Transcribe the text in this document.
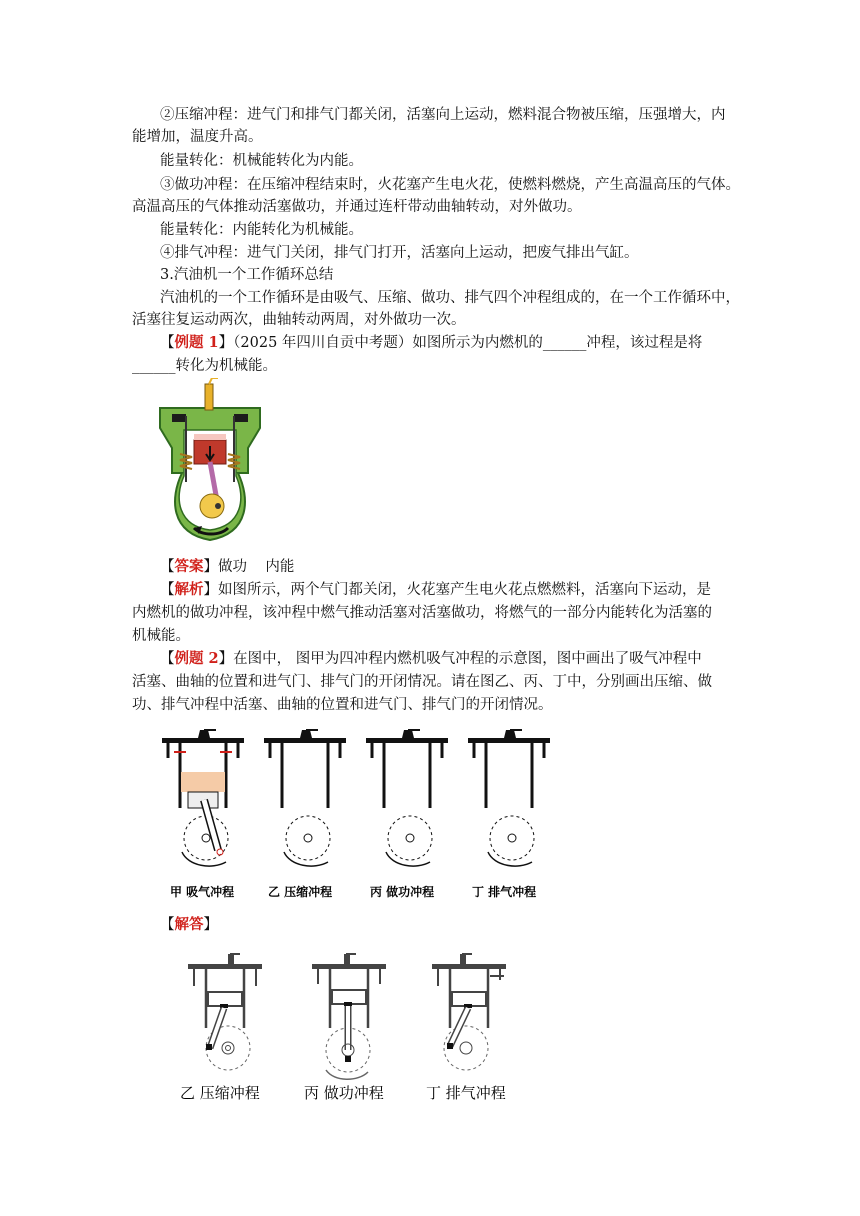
②压缩冲程：进气门和排气门都关闭，活塞向上运动，燃料混合物被压缩，压强增大，内
能增加，温度升高。
能量转化：机械能转化为内能。
③做功冲程：在压缩冲程结束时，火花塞产生电火花，使燃料燃烧，产生高温高压的气体。
高温高压的气体推动活塞做功，并通过连杆带动曲轴转动，对外做功。
能量转化：内能转化为机械能。
④排气冲程：进气门关闭，排气门打开，活塞向上运动，把废气排出气缸。
3.汽油机一个工作循环总结
汽油机的一个工作循环是由吸气、压缩、做功、排气四个冲程组成的，在一个工作循环中，
活塞往复运动两次，曲轴转动两周，对外做功一次。
【例题 1】（2025 年四川自贡中考题）如图所示为内燃机的______冲程，该过程是将
______转化为机械能。
【答案】做功    内能
【解析】如图所示，两个气门都关闭，火花塞产生电火花点燃燃料，活塞向下运动，是
内燃机的做功冲程，该冲程中燃气推动活塞对活塞做功，将燃气的一部分内能转化为活塞的
机械能。
【例题 2】在图中， 图甲为四冲程内燃机吸气冲程的示意图，图中画出了吸气冲程中
活塞、曲轴的位置和进气门、排气门的开闭情况。请在图乙、丙、丁中，分别画出压缩、做
功、排气冲程中活塞、曲轴的位置和进气门、排气门的开闭情况。
甲 吸气冲程	乙 压缩冲程	丙 做功冲程	丁 排气冲程
【解答】
乙 压缩冲程	丙 做功冲程	丁 排气冲程
